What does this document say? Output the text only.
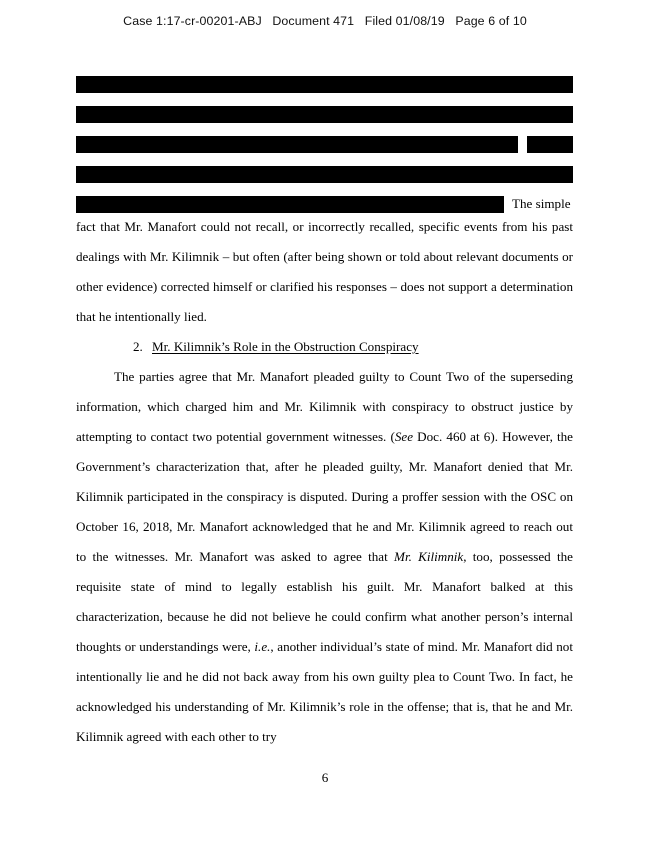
Case 1:17-cr-00201-ABJ   Document 471   Filed 01/08/19   Page 6 of 10
The simple

fact that Mr. Manafort could not recall, or incorrectly recalled, specific events from his past dealings with Mr. Kilimnik – but often (after being shown or told about relevant documents or other evidence) corrected himself or clarified his responses – does not support a determination that he intentionally lied.

2. Mr. Kilimnik’s Role in the Obstruction Conspiracy

The parties agree that Mr. Manafort pleaded guilty to Count Two of the superseding information, which charged him and Mr. Kilimnik with conspiracy to obstruct justice by attempting to contact two potential government witnesses. (See Doc. 460 at 6). However, the Government’s characterization that, after he pleaded guilty, Mr. Manafort denied that Mr. Kilimnik participated in the conspiracy is disputed. During a proffer session with the OSC on October 16, 2018, Mr. Manafort acknowledged that he and Mr. Kilimnik agreed to reach out to the witnesses. Mr. Manafort was asked to agree that Mr. Kilimnik, too, possessed the requisite state of mind to legally establish his guilt. Mr. Manafort balked at this characterization, because he did not believe he could confirm what another person’s internal thoughts or understandings were, i.e., another individual’s state of mind. Mr. Manafort did not intentionally lie and he did not back away from his own guilty plea to Count Two. In fact, he acknowledged his understanding of Mr. Kilimnik’s role in the offense; that is, that he and Mr. Kilimnik agreed with each other to try

6
